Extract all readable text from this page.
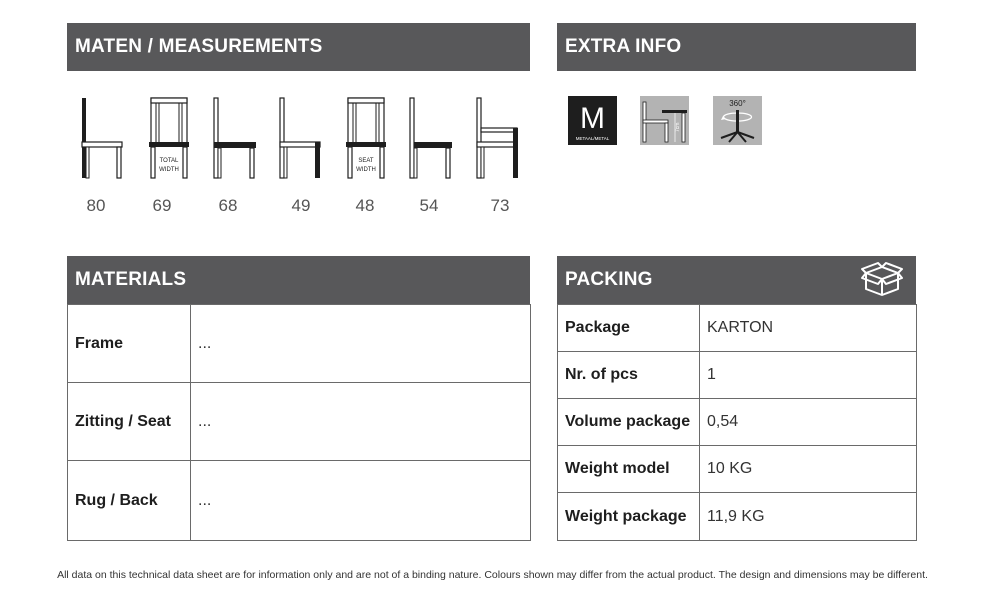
MATEN / MEASUREMENTS
TOTAL
WIDTH
SEAT
WIDTH
80	69	68	49	48	54	73
EXTRA INFO
M
METAAL/METAL
7cm
360°
MATERIALS
Frame	...
Zitting / Seat	...
Rug / Back	...
PACKING
Package	KARTON
Nr. of pcs	1
Volume package	0,54
Weight model	10 KG
Weight package	11,9 KG
All data on this technical data sheet are for information only and are not of a binding nature. Colours shown may differ from the actual product. The design and dimensions may be different.
